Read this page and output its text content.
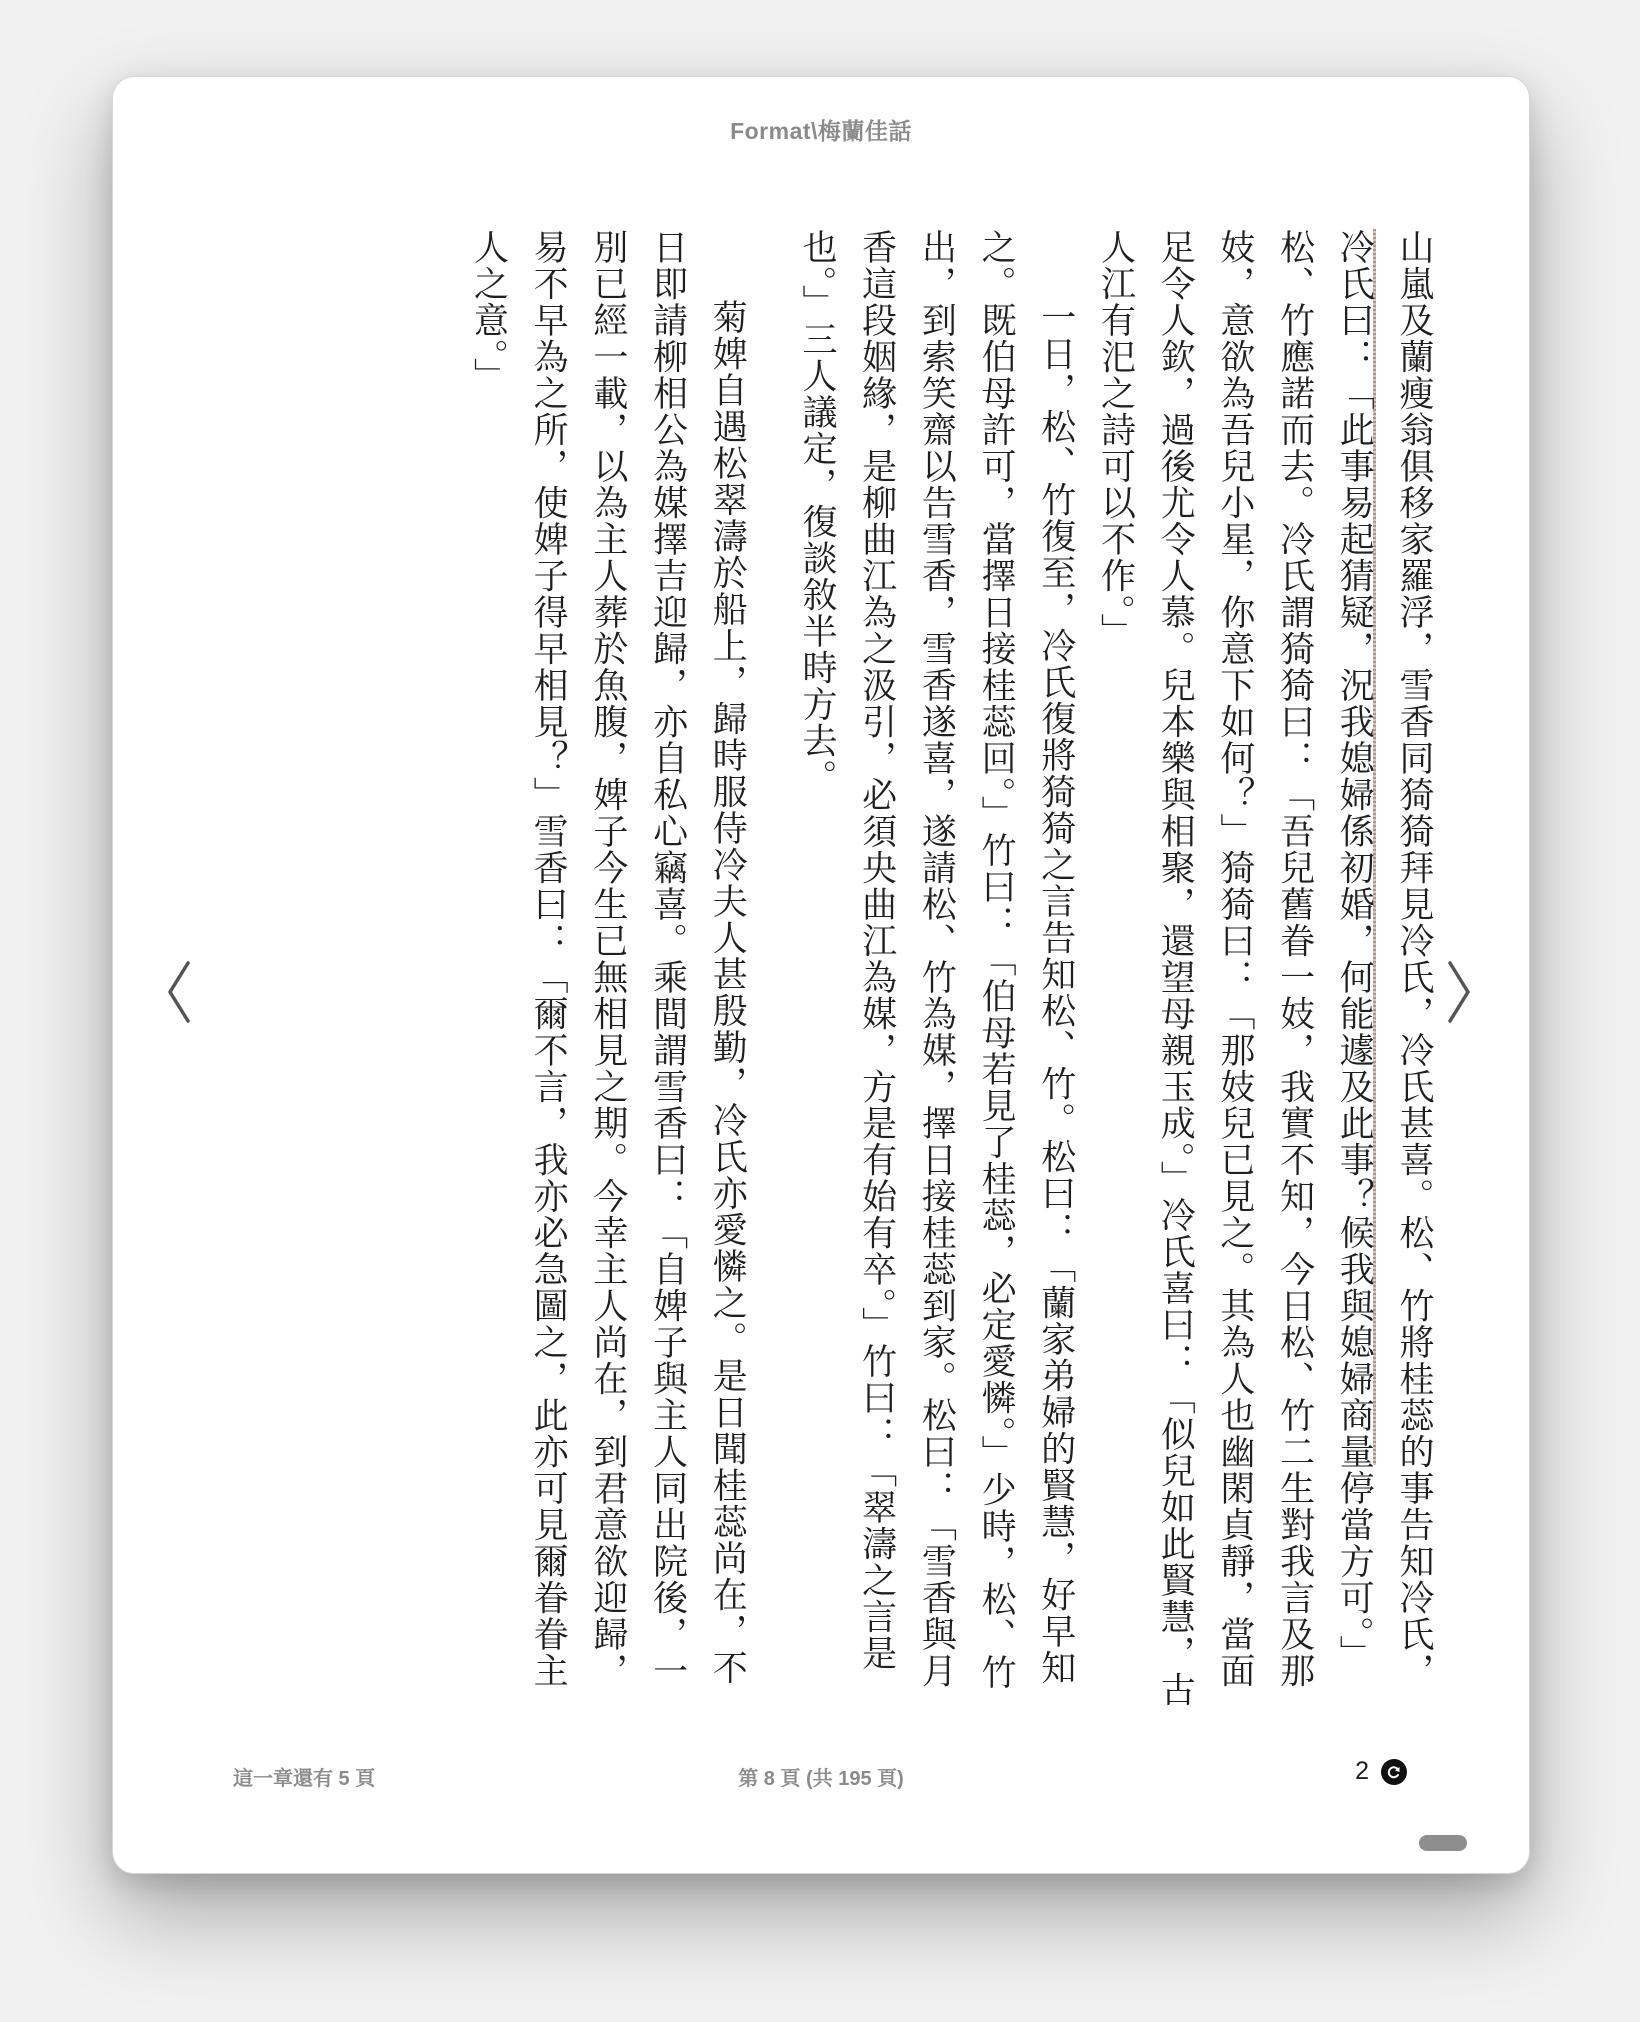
Format\梅蘭佳話

山嵐及蘭瘦翁俱移家羅浮，雪香同猗猗拜見冷氏，冷氏甚喜。松、竹將桂蕊的事告知冷氏，冷氏曰：「此事易起猜疑，況我媳婦係初婚，何能遽及此事？候我與媳婦商量停當方可。」松、竹應諾而去。冷氏謂猗猗曰：「吾兒舊眷一妓，我實不知，今日松、竹二生對我言及那妓，意欲為吾兒小星，你意下如何？」猗猗曰：「那妓兒已見之。其為人也幽閑貞靜，當面足令人欽，過後尤令人慕。兒本樂與相聚，還望母親玉成。」冷氏喜曰：「似兒如此賢慧，古人江有汜之詩可以不作。」

一日，松、竹復至，冷氏復將猗猗之言告知松、竹。松曰：「蘭家弟婦的賢慧，好早知之。既伯母許可，當擇日接桂蕊回。」竹曰：「伯母若見了桂蕊，必定愛憐。」少時，松、竹出，到索笑齋以告雪香，雪香遂喜，遂請松、竹為媒，擇日接桂蕊到家。松曰：「雪香與月香這段姻緣，是柳曲江為之汲引，必須央曲江為媒，方是有始有卒。」竹曰：「翠濤之言是也。」三人議定，復談敘半時方去。

菊婢自遇松翠濤於船上，歸時服侍冷夫人甚殷勤，冷氏亦愛憐之。是日聞桂蕊尚在，不日即請柳相公為媒擇吉迎歸，亦自私心竊喜。乘間謂雪香曰：「自婢子與主人同出院後，一別已經一載，以為主人葬於魚腹，婢子今生已無相見之期。今幸主人尚在，到君意欲迎歸，易不早為之所，使婢子得早相見？」雪香曰：「爾不言，我亦必急圖之，此亦可見爾眷眷主人之意。」

這一章還有 5 頁	第 8 頁 (共 195 頁)	2
